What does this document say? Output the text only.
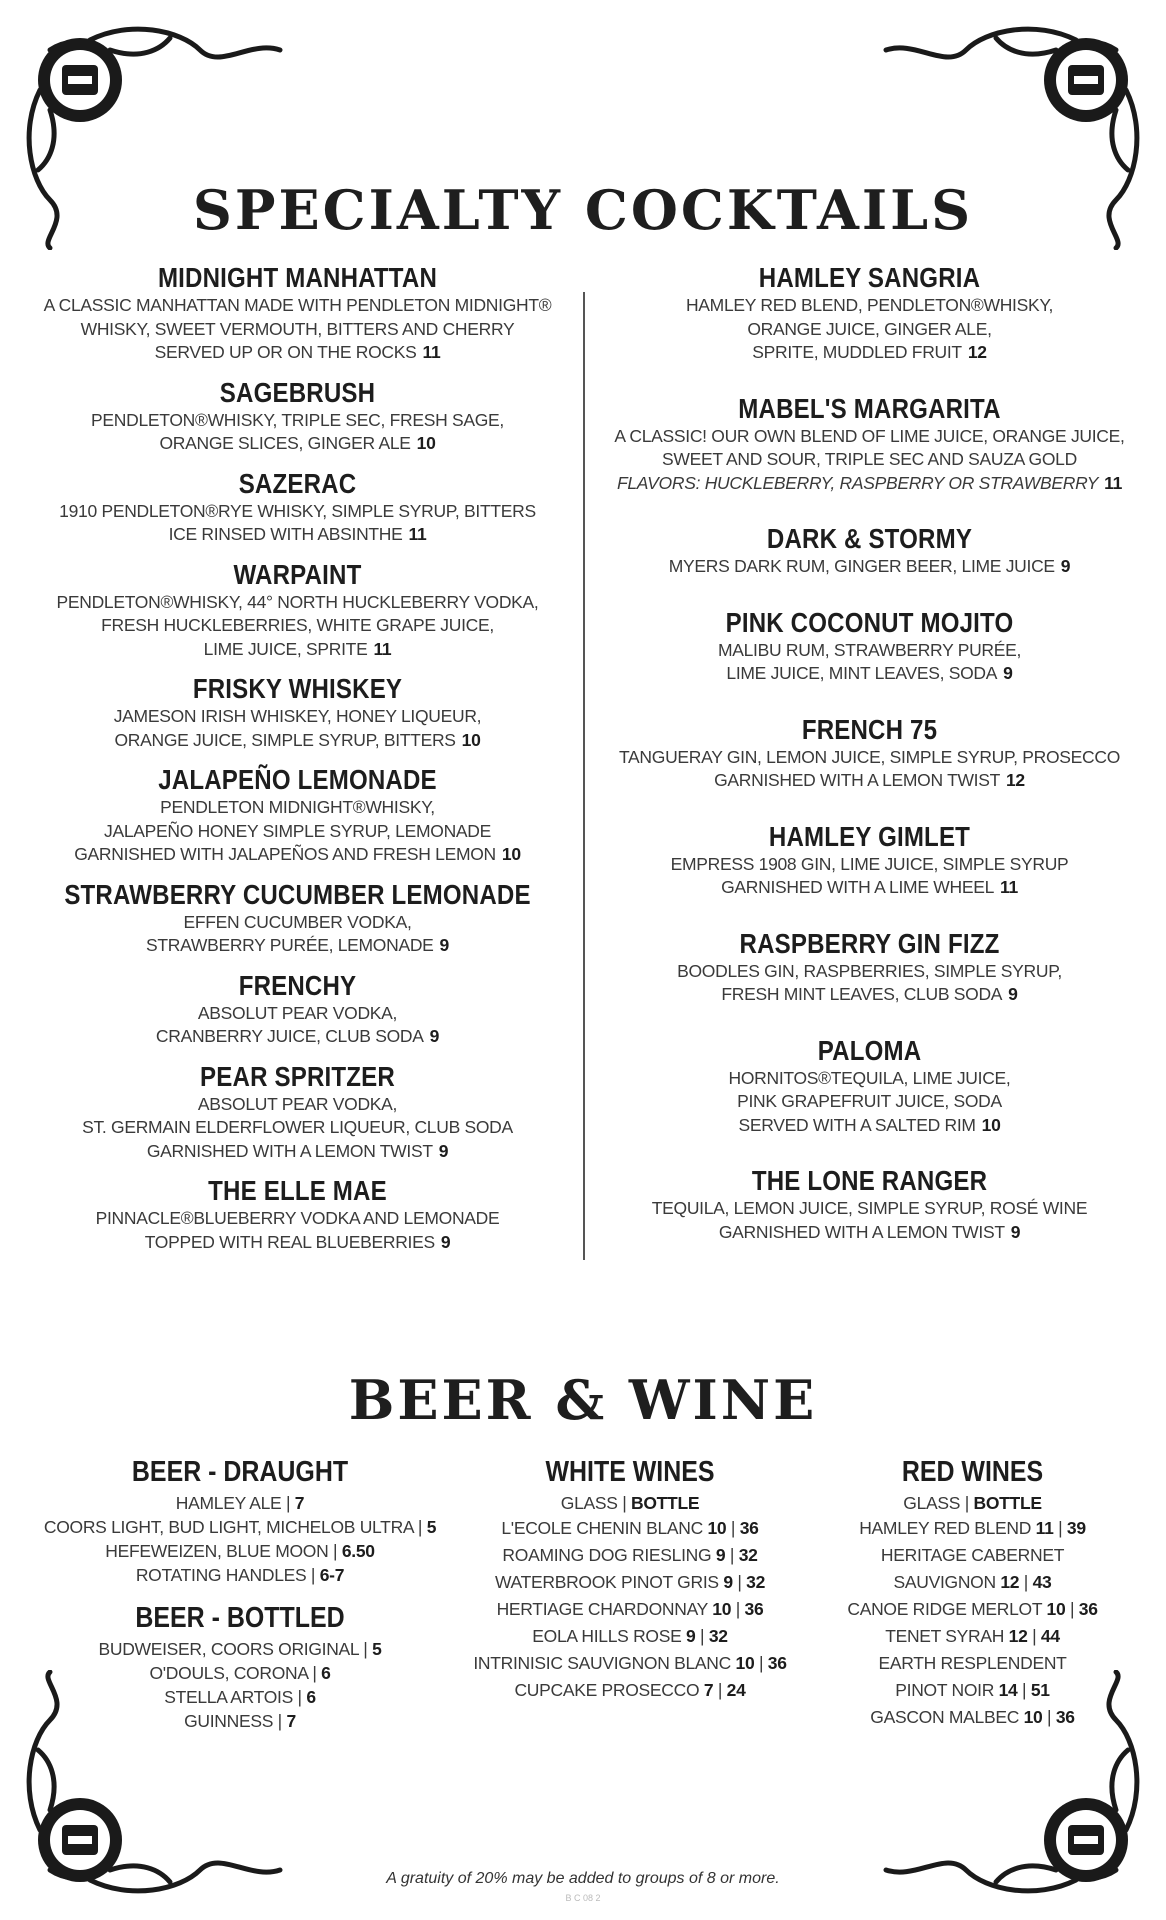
SPECIALTY COCKTAILS
MIDNIGHT MANHATTAN
A CLASSIC MANHATTAN MADE WITH PENDLETON MIDNIGHT®
WHISKY, SWEET VERMOUTH, BITTERS AND CHERRY
SERVED UP OR ON THE ROCKS 11
SAGEBRUSH
PENDLETON®WHISKY, TRIPLE SEC, FRESH SAGE,
ORANGE SLICES, GINGER ALE 10
SAZERAC
1910 PENDLETON®RYE WHISKY, SIMPLE SYRUP, BITTERS
ICE RINSED WITH ABSINTHE 11
WARPAINT
PENDLETON®WHISKY, 44° NORTH HUCKLEBERRY VODKA,
FRESH HUCKLEBERRIES, WHITE GRAPE JUICE,
LIME JUICE, SPRITE 11
FRISKY WHISKEY
JAMESON IRISH WHISKEY, HONEY LIQUEUR,
ORANGE JUICE, SIMPLE SYRUP, BITTERS 10
JALAPEÑO LEMONADE
PENDLETON MIDNIGHT®WHISKY,
JALAPEÑO HONEY SIMPLE SYRUP, LEMONADE
GARNISHED WITH JALAPEÑOS AND FRESH LEMON 10
STRAWBERRY CUCUMBER LEMONADE
EFFEN CUCUMBER VODKA,
STRAWBERRY PURÉE, LEMONADE 9
FRENCHY
ABSOLUT PEAR VODKA,
CRANBERRY JUICE, CLUB SODA 9
PEAR SPRITZER
ABSOLUT PEAR VODKA,
ST. GERMAIN ELDERFLOWER LIQUEUR, CLUB SODA
GARNISHED WITH A LEMON TWIST 9
THE ELLE MAE
PINNACLE®BLUEBERRY VODKA AND LEMONADE
TOPPED WITH REAL BLUEBERRIES 9
HAMLEY SANGRIA
HAMLEY RED BLEND, PENDLETON®WHISKY,
ORANGE JUICE, GINGER ALE,
SPRITE, MUDDLED FRUIT 12
MABEL'S MARGARITA
A CLASSIC! OUR OWN BLEND OF LIME JUICE, ORANGE JUICE,
SWEET AND SOUR, TRIPLE SEC AND SAUZA GOLD
FLAVORS: HUCKLEBERRY, RASPBERRY OR STRAWBERRY 11
DARK & STORMY
MYERS DARK RUM, GINGER BEER, LIME JUICE 9
PINK COCONUT MOJITO
MALIBU RUM, STRAWBERRY PURÉE,
LIME JUICE, MINT LEAVES, SODA 9
FRENCH 75
TANGUERAY GIN, LEMON JUICE, SIMPLE SYRUP, PROSECCO
GARNISHED WITH A LEMON TWIST 12
HAMLEY GIMLET
EMPRESS 1908 GIN, LIME JUICE, SIMPLE SYRUP
GARNISHED WITH A LIME WHEEL 11
RASPBERRY GIN FIZZ
BOODLES GIN, RASPBERRIES, SIMPLE SYRUP,
FRESH MINT LEAVES, CLUB SODA 9
PALOMA
HORNITOS®TEQUILA, LIME JUICE,
PINK GRAPEFRUIT JUICE, SODA
SERVED WITH A SALTED RIM 10
THE LONE RANGER
TEQUILA, LEMON JUICE, SIMPLE SYRUP, ROSÉ WINE
GARNISHED WITH A LEMON TWIST 9
BEER & WINE
BEER - DRAUGHT
HAMLEY ALE | 7
COORS LIGHT, BUD LIGHT, MICHELOB ULTRA | 5
HEFEWEIZEN, BLUE MOON | 6.50
ROTATING HANDLES | 6-7
BEER - BOTTLED
BUDWEISER, COORS ORIGINAL | 5
O'DOULS, CORONA | 6
STELLA ARTOIS | 6
GUINNESS | 7
WHITE WINES
GLASS | BOTTLE
L'ECOLE CHENIN BLANC 10 | 36
ROAMING DOG RIESLING 9 | 32
WATERBROOK PINOT GRIS 9 | 32
HERTIAGE CHARDONNAY 10 | 36
EOLA HILLS ROSE 9 | 32
INTRINISIC SAUVIGNON BLANC 10 | 36
CUPCAKE PROSECCO 7 | 24
RED WINES
GLASS | BOTTLE
HAMLEY RED BLEND 11 | 39
HERITAGE CABERNET
SAUVIGNON 12 | 43
CANOE RIDGE MERLOT 10 | 36
TENET SYRAH 12 | 44
EARTH RESPLENDENT
PINOT NOIR 14 | 51
GASCON MALBEC 10 | 36
A gratuity of 20% may be added to groups of 8 or more.
B C 08 2
